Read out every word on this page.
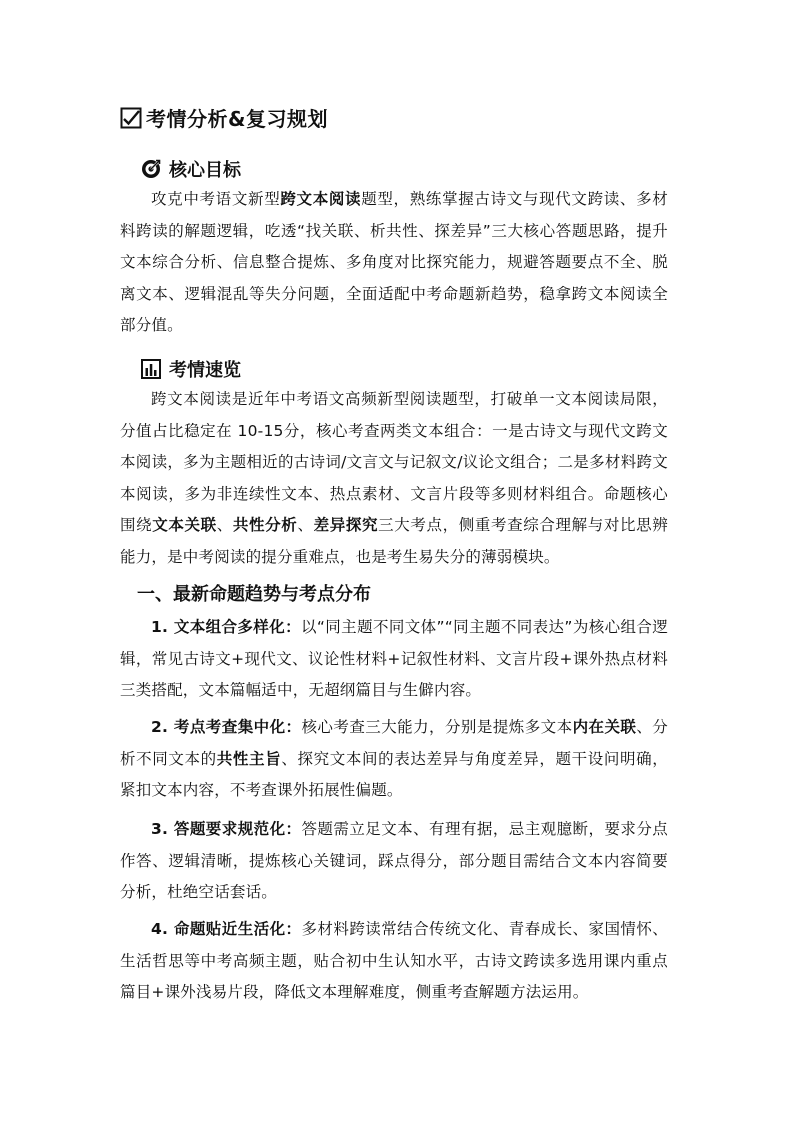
考情分析&复习规划
核心目标
攻克中考语文新型跨文本阅读题型，熟练掌握古诗文与现代文跨读、多材料跨读的解题逻辑，吃透“找关联、析共性、探差异”三大核心答题思路，提升文本综合分析、信息整合提炼、多角度对比探究能力，规避答题要点不全、脱离文本、逻辑混乱等失分问题，全面适配中考命题新趋势，稳拿跨文本阅读全部分值。
考情速览
跨文本阅读是近年中考语文高频新型阅读题型，打破单一文本阅读局限，分值占比稳定在 10-15分，核心考查两类文本组合：一是古诗文与现代文跨文本阅读，多为主题相近的古诗词/文言文与记叙文/议论文组合；二是多材料跨文本阅读，多为非连续性文本、热点素材、文言片段等多则材料组合。命题核心围绕文本关联、共性分析、差异探究三大考点，侧重考查综合理解与对比思辨能力，是中考阅读的提分重难点，也是考生易失分的薄弱模块。
一、最新命题趋势与考点分布
1. 文本组合多样化：以“同主题不同文体”“同主题不同表达”为核心组合逻辑，常见古诗文+现代文、议论性材料+记叙性材料、文言片段+课外热点材料三类搭配，文本篇幅适中，无超纲篇目与生僻内容。
2. 考点考查集中化：核心考查三大能力，分别是提炼多文本内在关联、分析不同文本的共性主旨、探究文本间的表达差异与角度差异，题干设问明确，紧扣文本内容，不考查课外拓展性偏题。
3. 答题要求规范化：答题需立足文本、有理有据，忌主观臆断，要求分点作答、逻辑清晰，提炼核心关键词，踩点得分，部分题目需结合文本内容简要分析，杜绝空话套话。
4. 命题贴近生活化：多材料跨读常结合传统文化、青春成长、家国情怀、生活哲思等中考高频主题，贴合初中生认知水平，古诗文跨读多选用课内重点篇目+课外浅易片段，降低文本理解难度，侧重考查解题方法运用。
